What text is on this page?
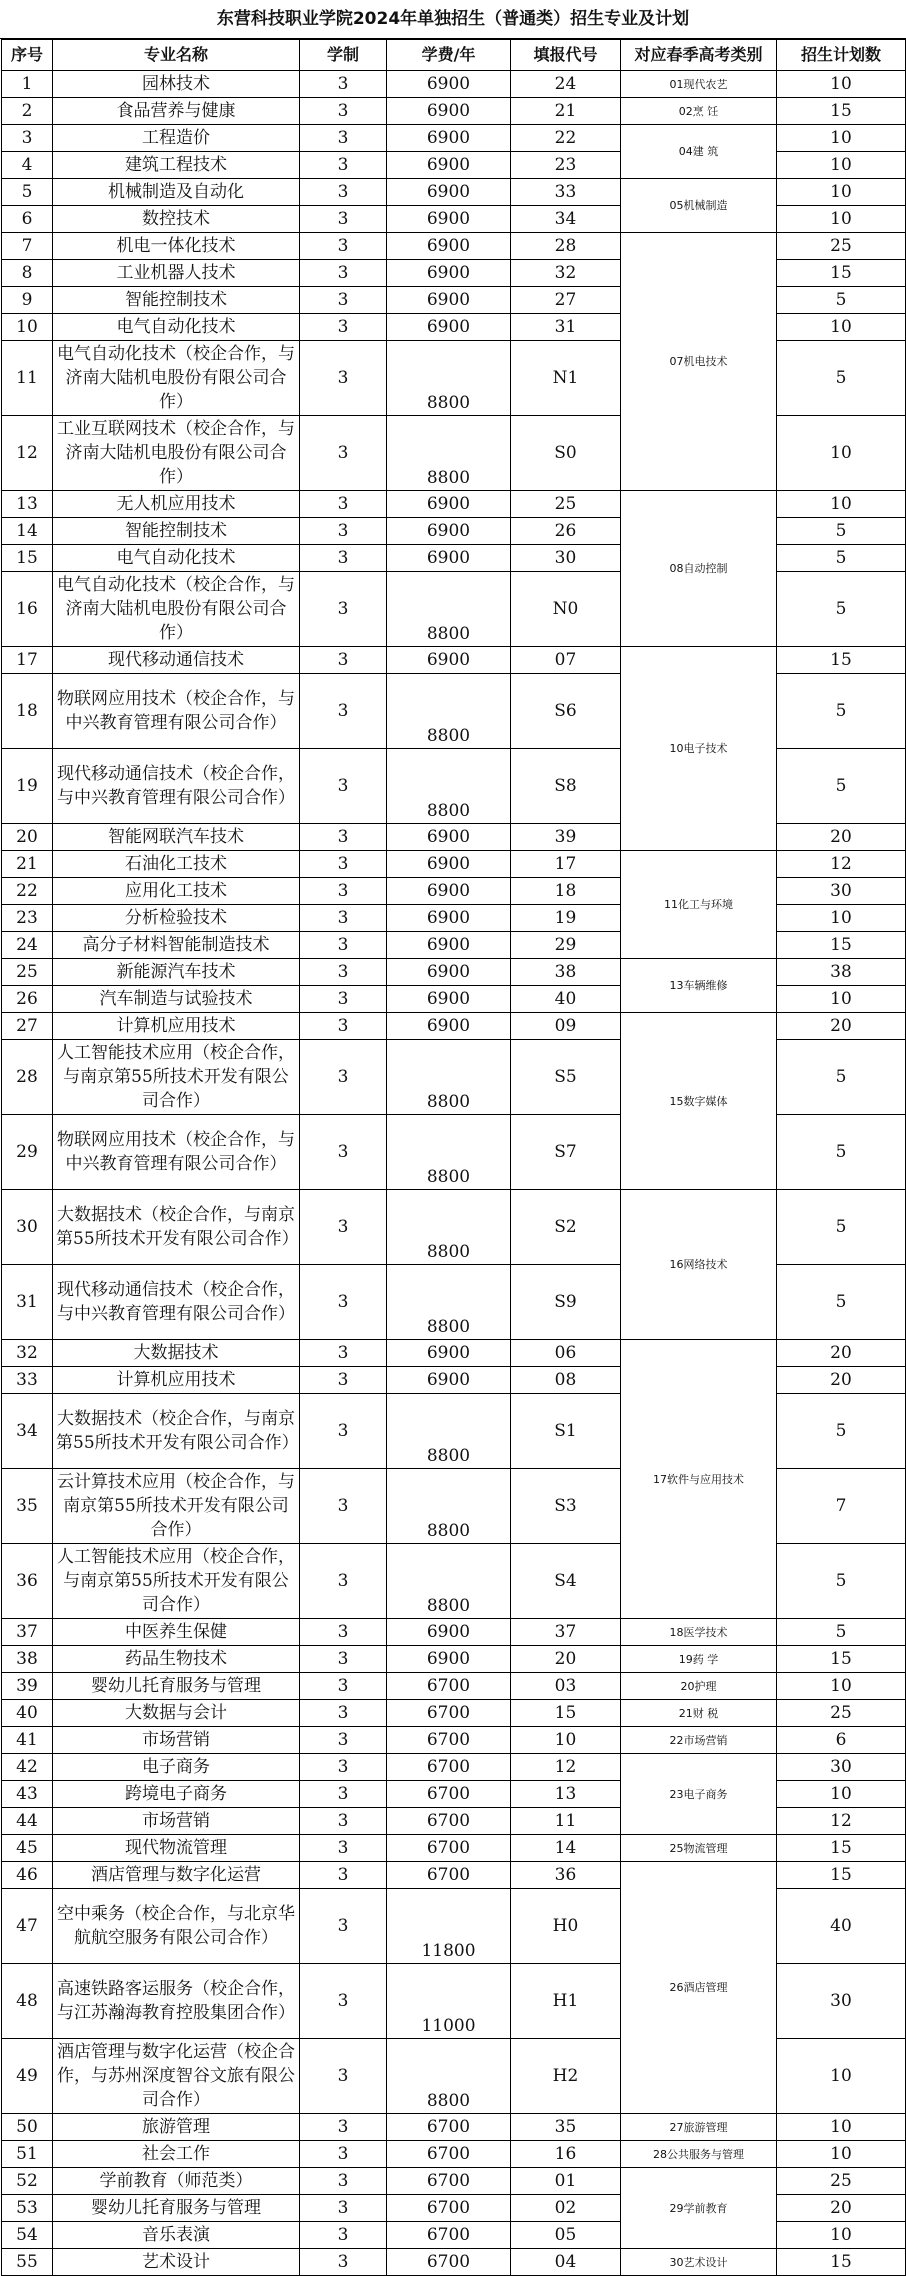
东营科技职业学院2024年单独招生（普通类）招生专业及计划
序号	专业名称	学制	学费/年	填报代号	对应春季高考类别	招生计划数
1	园林技术	3	6900	24	01现代农艺	10
2	食品营养与健康	3	6900	21	02烹 饪	15
3	工程造价	3	6900	22	04建 筑	10
4	建筑工程技术	3	6900	23		10
5	机械制造及自动化	3	6900	33	05机械制造	10
6	数控技术	3	6900	34		10
7	机电一体化技术	3	6900	28	07机电技术	25
8	工业机器人技术	3	6900	32		15
9	智能控制技术	3	6900	27		5
10	电气自动化技术	3	6900	31		10
11	电气自动化技术（校企合作，与济南大陆机电股份有限公司合作）	3	8800	N1		5
12	工业互联网技术（校企合作，与济南大陆机电股份有限公司合作）	3	8800	S0		10
13	无人机应用技术	3	6900	25	08自动控制	10
14	智能控制技术	3	6900	26		5
15	电气自动化技术	3	6900	30		5
16	电气自动化技术（校企合作，与济南大陆机电股份有限公司合作）	3	8800	N0		5
17	现代移动通信技术	3	6900	07	10电子技术	15
18	物联网应用技术（校企合作，与中兴教育管理有限公司合作）	3	8800	S6		5
19	现代移动通信技术（校企合作，与中兴教育管理有限公司合作）	3	8800	S8		5
20	智能网联汽车技术	3	6900	39		20
21	石油化工技术	3	6900	17	11化工与环境	12
22	应用化工技术	3	6900	18		30
23	分析检验技术	3	6900	19		10
24	高分子材料智能制造技术	3	6900	29		15
25	新能源汽车技术	3	6900	38	13车辆维修	38
26	汽车制造与试验技术	3	6900	40		10
27	计算机应用技术	3	6900	09	15数字媒体	20
28	人工智能技术应用（校企合作，与南京第55所技术开发有限公司合作）	3	8800	S5		5
29	物联网应用技术（校企合作，与中兴教育管理有限公司合作）	3	8800	S7		5
30	大数据技术（校企合作，与南京第55所技术开发有限公司合作）	3	8800	S2	16网络技术	5
31	现代移动通信技术（校企合作，与中兴教育管理有限公司合作）	3	8800	S9		5
32	大数据技术	3	6900	06	17软件与应用技术	20
33	计算机应用技术	3	6900	08		20
34	大数据技术（校企合作，与南京第55所技术开发有限公司合作）	3	8800	S1		5
35	云计算技术应用（校企合作，与南京第55所技术开发有限公司合作）	3	8800	S3		7
36	人工智能技术应用（校企合作，与南京第55所技术开发有限公司合作）	3	8800	S4		5
37	中医养生保健	3	6900	37	18医学技术	5
38	药品生物技术	3	6900	20	19药 学	15
39	婴幼儿托育服务与管理	3	6700	03	20护理	10
40	大数据与会计	3	6700	15	21财 税	25
41	市场营销	3	6700	10	22市场营销	6
42	电子商务	3	6700	12	23电子商务	30
43	跨境电子商务	3	6700	13		10
44	市场营销	3	6700	11		12
45	现代物流管理	3	6700	14	25物流管理	15
46	酒店管理与数字化运营	3	6700	36	26酒店管理	15
47	空中乘务（校企合作，与北京华航航空服务有限公司合作）	3	11800	H0		40
48	高速铁路客运服务（校企合作，与江苏瀚海教育控股集团合作）	3	11000	H1		30
49	酒店管理与数字化运营（校企合作，与苏州深度智谷文旅有限公司合作）	3	8800	H2		10
50	旅游管理	3	6700	35	27旅游管理	10
51	社会工作	3	6700	16	28公共服务与管理	10
52	学前教育（师范类）	3	6700	01	29学前教育	25
53	婴幼儿托育服务与管理	3	6700	02		20
54	音乐表演	3	6700	05		10
55	艺术设计	3	6700	04	30艺术设计	15
